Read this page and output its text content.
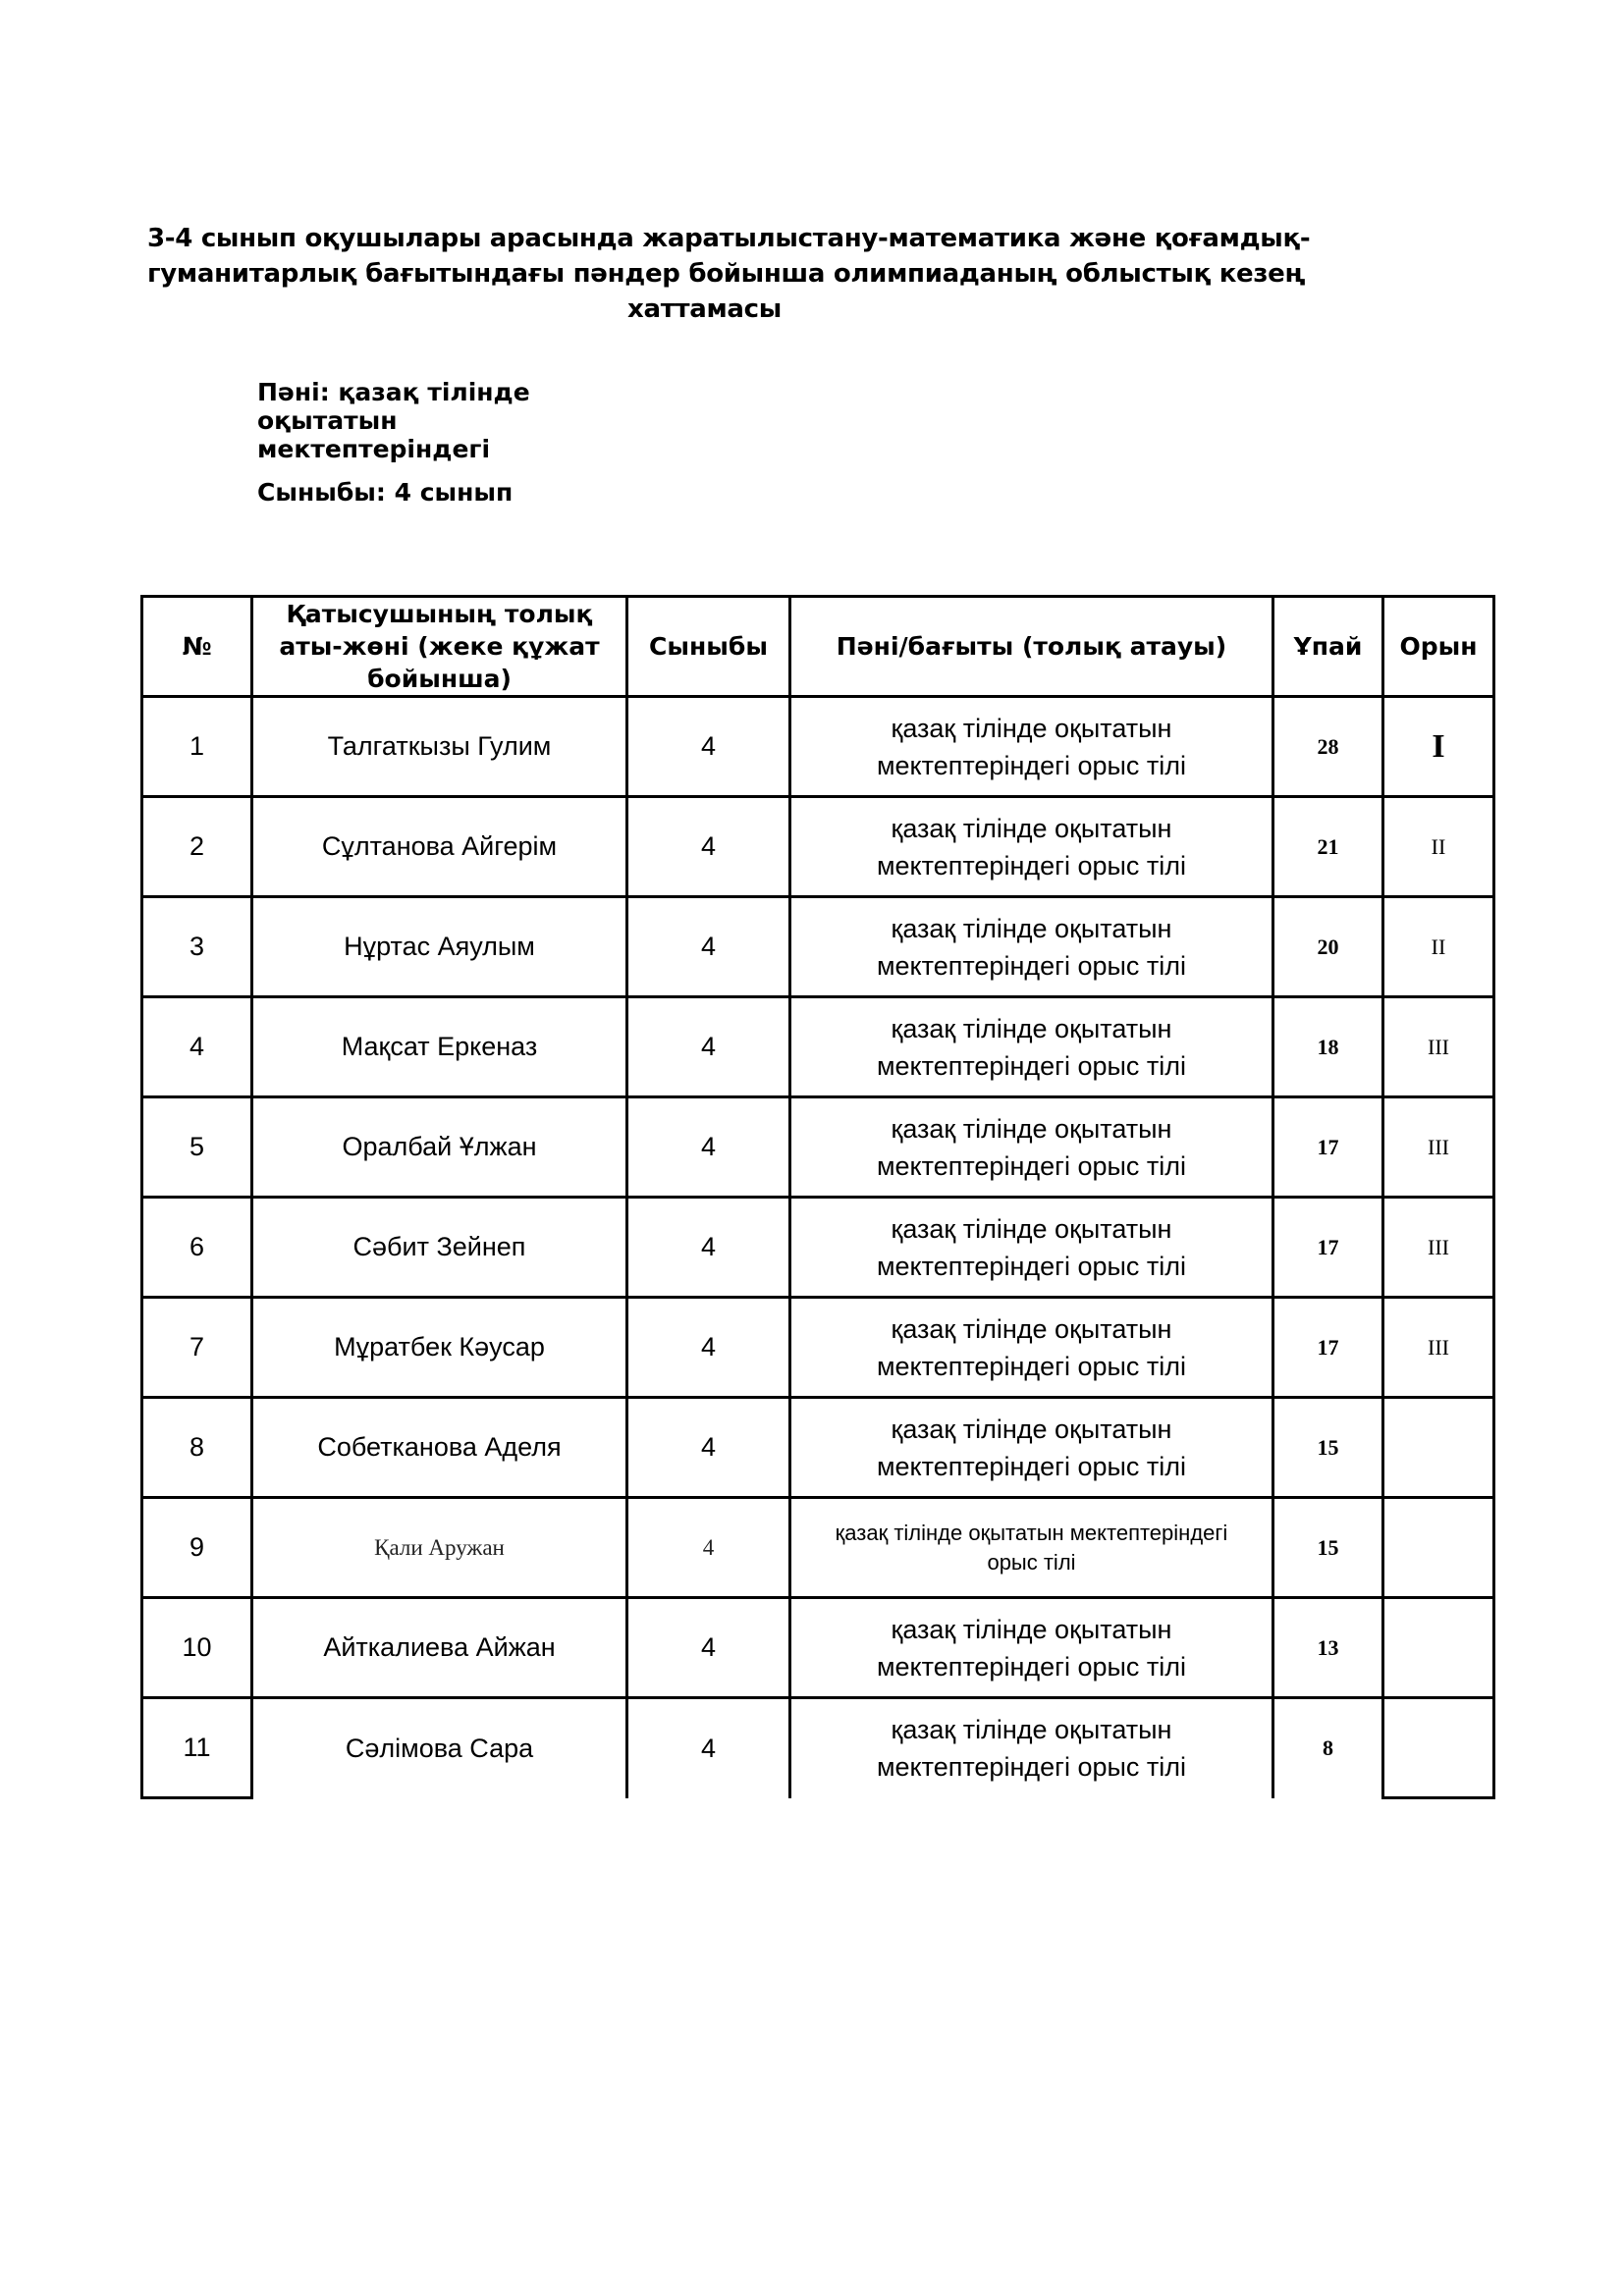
3-4 сынып оқушылары арасында жаратылыстану-математика және қоғамдық-
гуманитарлық бағытындағы пәндер бойынша олимпиаданың облыстық кезең
хаттамасы
Пәні: қазақ тілінде
оқытатын мектептеріндегі
Сыныбы: 4 сынып
№	Қатысушының толық аты-жөні (жеке құжат бойынша)	Сыныбы	Пәні/бағыты (толық атауы)	Ұпай	Орын
1	Талгаткызы Гулим	4	қазақ тілінде оқытатын
мектептеріндегі орыс тілі	28	I
2	Сұлтанова Айгерім	4	қазақ тілінде оқытатын
мектептеріндегі орыс тілі	21	II
3	Нұртас Аяулым	4	қазақ тілінде оқытатын
мектептеріндегі орыс тілі	20	II
4	Мақсат Еркеназ	4	қазақ тілінде оқытатын
мектептеріндегі орыс тілі	18	III
5	Оралбай Ұлжан	4	қазақ тілінде оқытатын
мектептеріндегі орыс тілі	17	III
6	Сәбит Зейнеп	4	қазақ тілінде оқытатын
мектептеріндегі орыс тілі	17	III
7	Мұратбек Кәусар	4	қазақ тілінде оқытатын
мектептеріндегі орыс тілі	17	III
8	Собетканова Аделя	4	қазақ тілінде оқытатын
мектептеріндегі орыс тілі	15	
9	Қали Аружан	4	қазақ тілінде оқытатын мектептеріндегі
орыс тілі	15	
10	Айткалиева Айжан	4	қазақ тілінде оқытатын
мектептеріндегі орыс тілі	13	
11	Сәлімова Сара	4	қазақ тілінде оқытатын
мектептеріндегі орыс тілі	8	
